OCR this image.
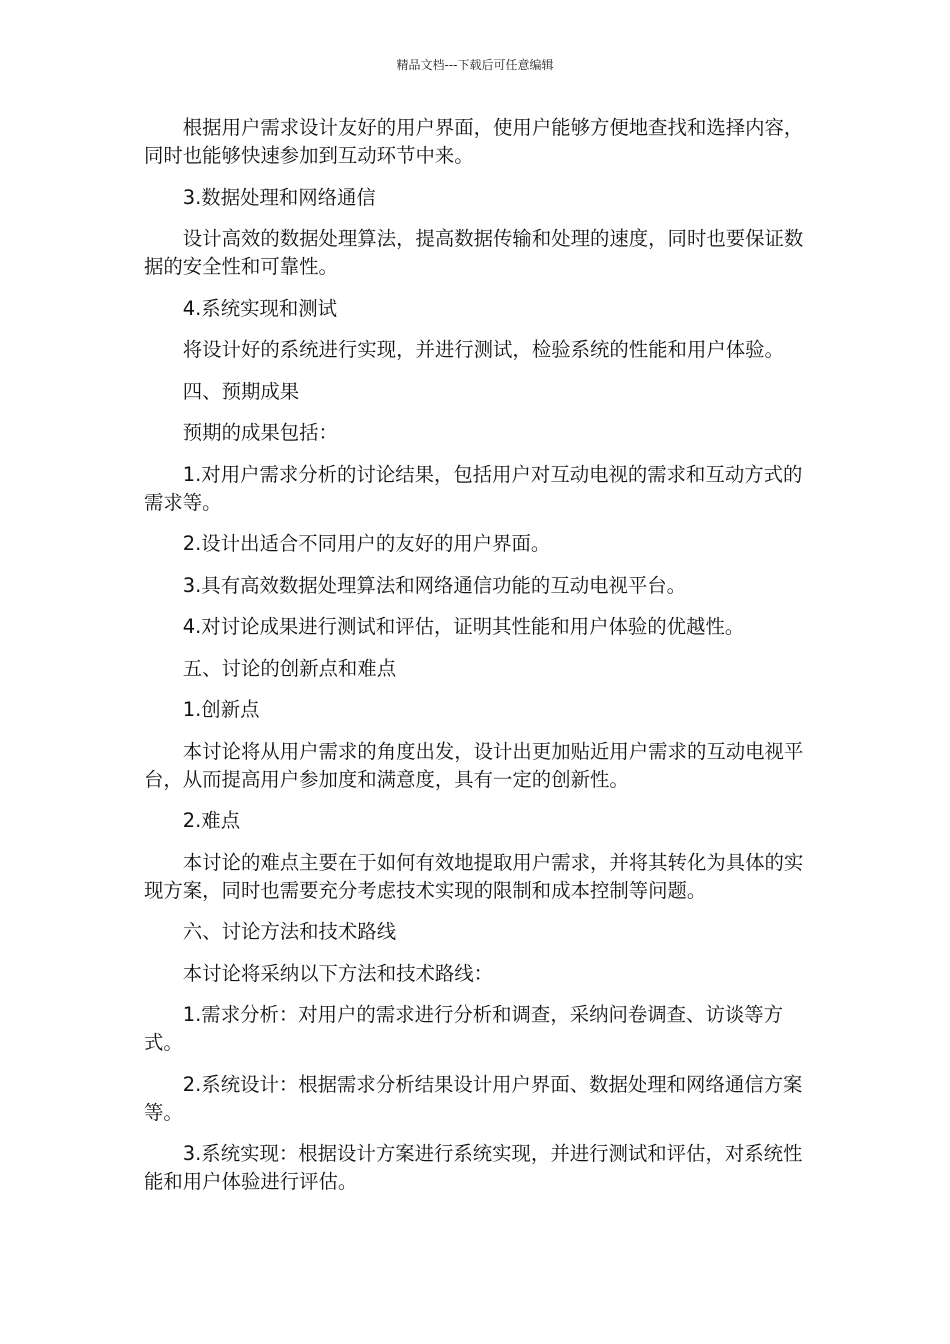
精品文档---下载后可任意编辑

根据用户需求设计友好的用户界面，使用户能够方便地查找和选择内容，同时也能够快速参加到互动环节中来。

3.数据处理和网络通信

设计高效的数据处理算法，提高数据传输和处理的速度，同时也要保证数据的安全性和可靠性。

4.系统实现和测试

将设计好的系统进行实现，并进行测试，检验系统的性能和用户体验。

四、预期成果

预期的成果包括：

1.对用户需求分析的讨论结果，包括用户对互动电视的需求和互动方式的需求等。

2.设计出适合不同用户的友好的用户界面。

3.具有高效数据处理算法和网络通信功能的互动电视平台。

4.对讨论成果进行测试和评估，证明其性能和用户体验的优越性。

五、讨论的创新点和难点

1.创新点

本讨论将从用户需求的角度出发，设计出更加贴近用户需求的互动电视平台，从而提高用户参加度和满意度，具有一定的创新性。

2.难点

本讨论的难点主要在于如何有效地提取用户需求，并将其转化为具体的实现方案，同时也需要充分考虑技术实现的限制和成本控制等问题。

六、讨论方法和技术路线

本讨论将采纳以下方法和技术路线：

1.需求分析：对用户的需求进行分析和调查，采纳问卷调查、访谈等方式。

2.系统设计：根据需求分析结果设计用户界面、数据处理和网络通信方案等。

3.系统实现：根据设计方案进行系统实现，并进行测试和评估，对系统性能和用户体验进行评估。
